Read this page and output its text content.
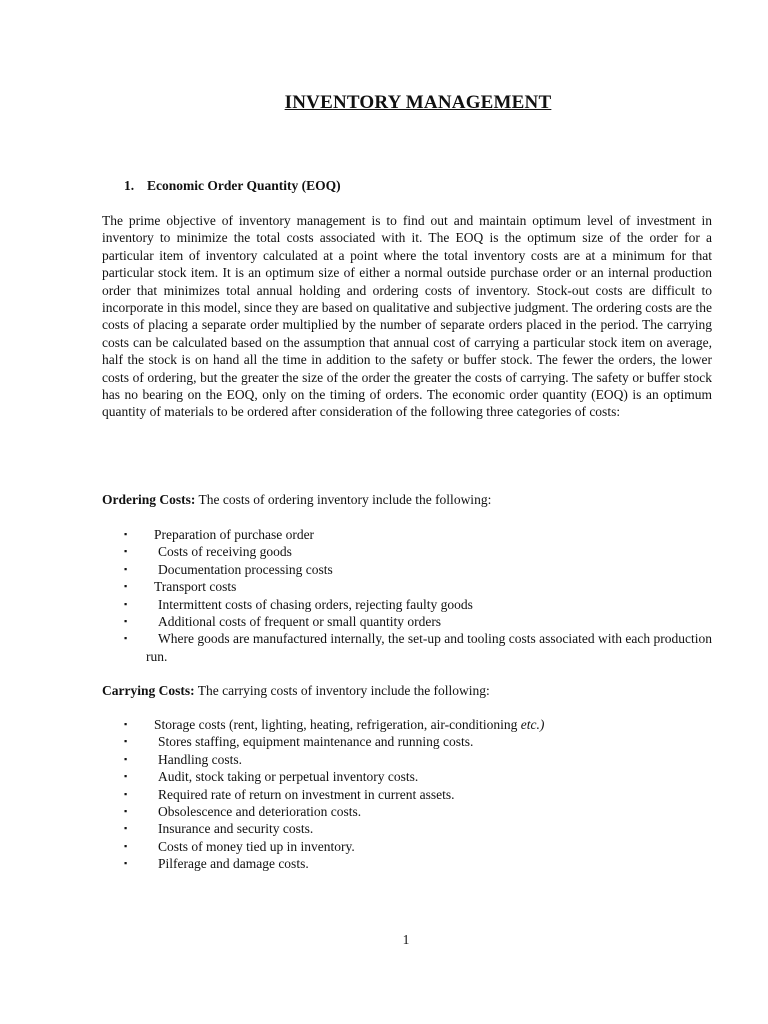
INVENTORY MANAGEMENT
1. Economic Order Quantity (EOQ)
The prime objective of inventory management is to find out and maintain optimum level of investment in inventory to minimize the total costs associated with it. The EOQ is the optimum size of the order for a particular item of inventory calculated at a point where the total inventory costs are at a minimum for that particular stock item. It is an optimum size of either a normal outside purchase order or an internal production order that minimizes total annual holding and ordering costs of inventory. Stock-out costs are difficult to incorporate in this model, since they are based on qualitative and subjective judgment. The ordering costs are the costs of placing a separate order multiplied by the number of separate orders placed in the period. The carrying costs can be calculated based on the assumption that annual cost of carrying a particular stock item on average, half the stock is on hand all the time in addition to the safety or buffer stock. The fewer the orders, the lower costs of ordering, but the greater the size of the order the greater the costs of carrying. The safety or buffer stock has no bearing on the EOQ, only on the timing of orders. The economic order quantity (EOQ) is an optimum quantity of materials to be ordered after consideration of the following three categories of costs:
Ordering Costs: The costs of ordering inventory include the following:
▪ Preparation of purchase order
▪ Costs of receiving goods
▪ Documentation processing costs
▪ Transport costs
▪ Intermittent costs of chasing orders, rejecting faulty goods
▪ Additional costs of frequent or small quantity orders
▪ Where goods are manufactured internally, the set-up and tooling costs associated with each production run.
Carrying Costs: The carrying costs of inventory include the following:
▪ Storage costs (rent, lighting, heating, refrigeration, air-conditioning etc.)
▪ Stores staffing, equipment maintenance and running costs.
▪ Handling costs.
▪ Audit, stock taking or perpetual inventory costs.
▪ Required rate of return on investment in current assets.
▪ Obsolescence and deterioration costs.
▪ Insurance and security costs.
▪ Costs of money tied up in inventory.
▪ Pilferage and damage costs.
1
